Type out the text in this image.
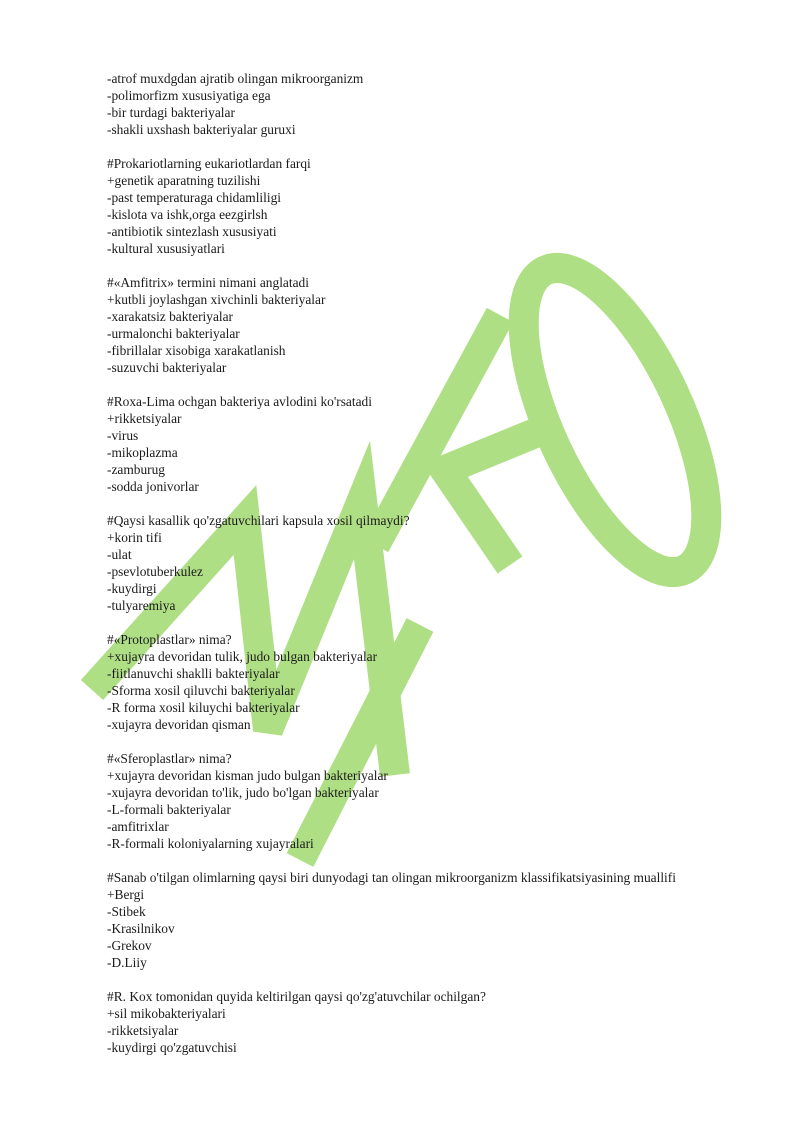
-atrof muxdgdan ajratib olingan mikroorganizm
-polimorfizm xususiyatiga ega
-bir turdagi bakteriyalar
-shakli uxshash bakteriyalar guruxi
#Prokariotlarning eukariotlardan farqi
+genetik aparatning tuzilishi
-past temperaturaga chidamliligi
-kislota va ishk,orga eezgirlsh
-antibiotik sintezlash xususiyati
-kultural xususiyatlari
#«Amfitrix» termini nimani anglatadi
+kutbli joylashgan xivchinli bakteriyalar
-xarakatsiz bakteriyalar
-urmalonchi bakteriyalar
-fibrillalar xisobiga xarakatlanish
-suzuvchi bakteriyalar
#Roxa-Lima ochgan bakteriya avlodini ko'rsatadi
+rikketsiyalar
-virus
-mikoplazma
-zamburug
-sodda jonivorlar
#Qaysi kasallik qo'zgatuvchilari kapsula xosil qilmaydi?
+korin tifi
-ulat
-psevlotuberkulez
-kuydirgi
-tulyaremiya
#«Protoplastlar» nima?
+xujayra devoridan tulik, judo bulgan bakteriyalar
-fiitlanuvchi shaklli bakteriyalar
-Sforma xosil qiluvchi bakteriyalar
-R forma xosil kiluychi bakteriyalar
-xujayra devoridan qisman
#«Sferoplastlar» nima?
+xujayra devoridan kisman judo bulgan bakteriyalar
-xujayra devoridan to'lik, judo bo'lgan bakteriyalar
-L-formali bakteriyalar
-amfitrixlar
-R-formali koloniyalarning xujayralari
#Sanab o'tilgan olimlarning qaysi biri dunyodagi tan olingan mikroorganizm klassifikatsiyasining muallifi
+Bergi
-Stibek
-Krasilnikov
-Grekov
-D.Liiy
#R. Kox tomonidan quyida keltirilgan qaysi qo'zg'atuvchilar ochilgan?
+sil mikobakteriyalari
-rikketsiyalar
-kuydirgi qo'zgatuvchisi
